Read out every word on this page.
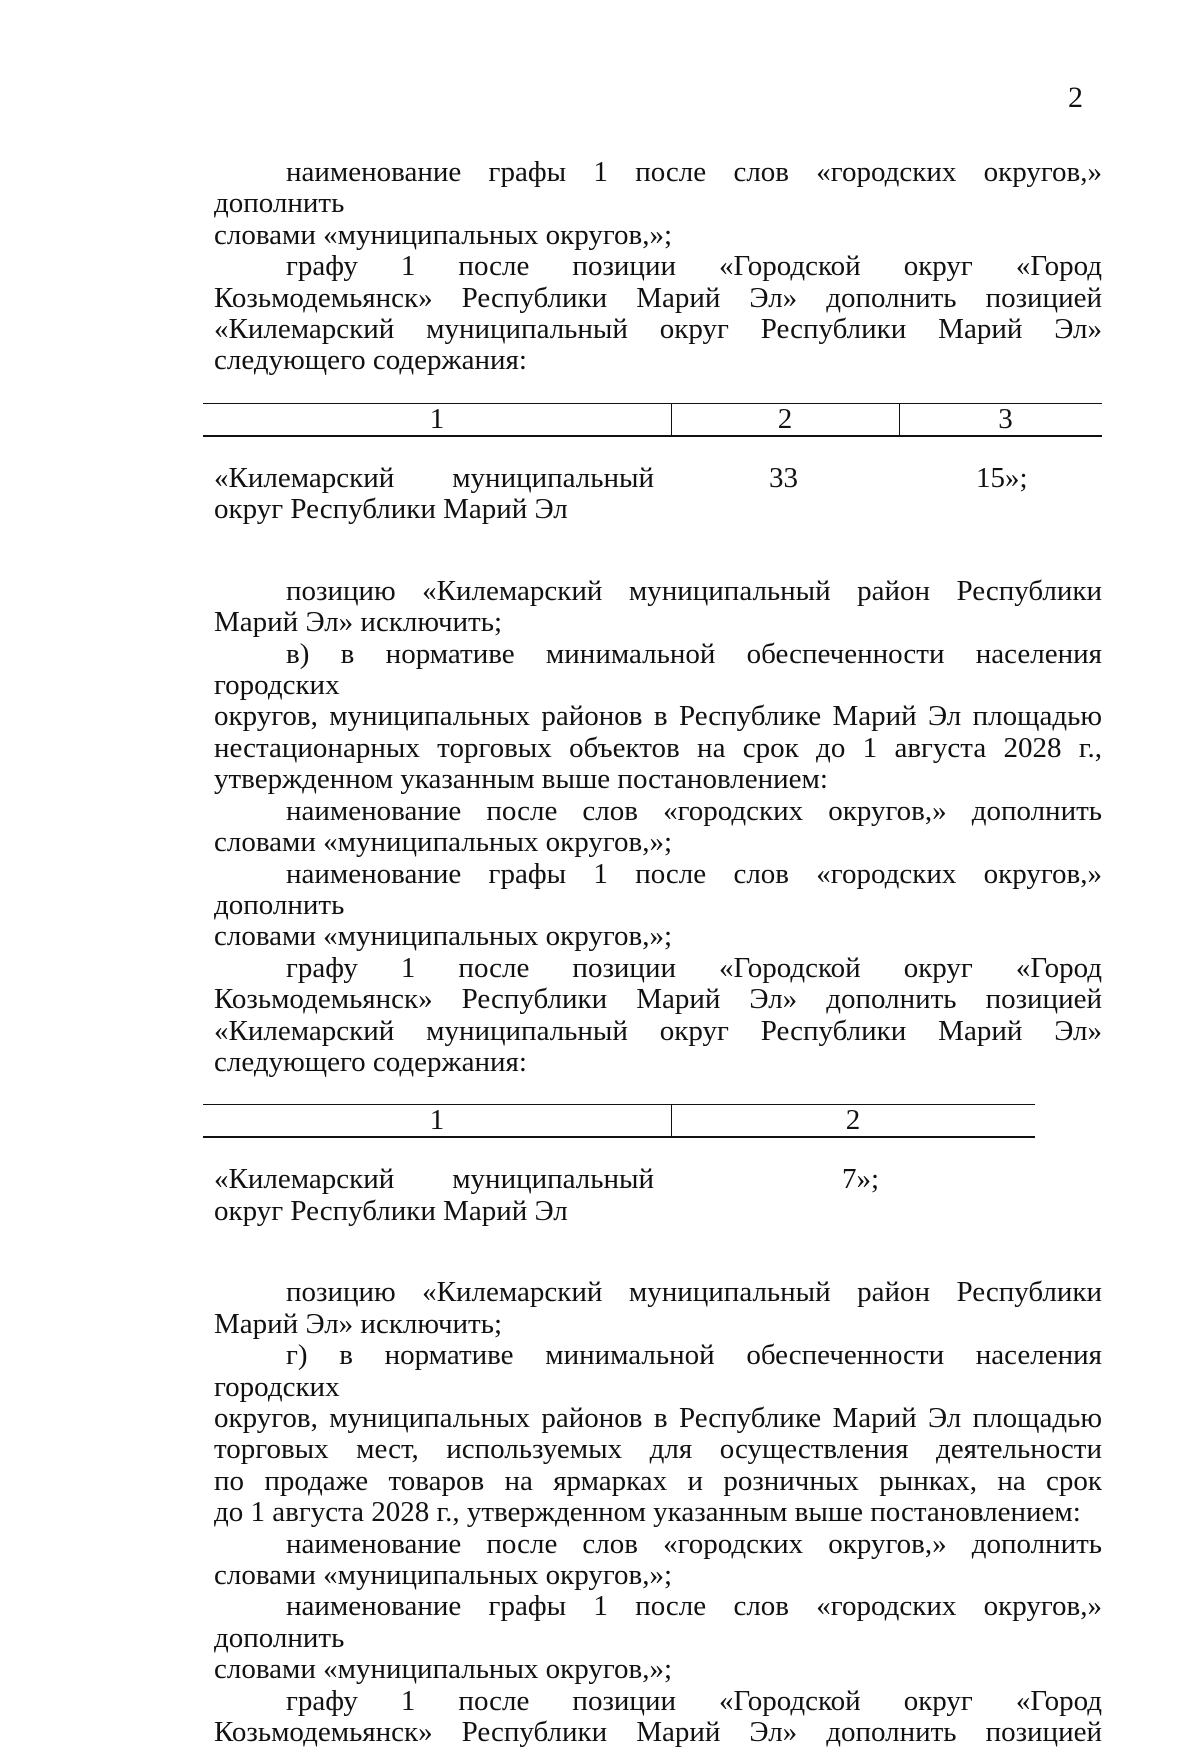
2
наименование графы 1 после слов «городских округов,» дополнить
словами «муниципальных округов,»;
графу 1 после позиции «Городской округ «Город
Козьмодемьянск» Республики Марий Эл» дополнить позицией
«Килемарский муниципальный округ Республики Марий Эл»
следующего содержания:
1	2	3
«Килемарский муниципальный
округ Республики Марий Эл
33	15»;
позицию «Килемарский муниципальный район Республики
Марий Эл» исключить;
в) в нормативе минимальной обеспеченности населения городских
округов, муниципальных районов в Республике Марий Эл площадью
нестационарных торговых объектов на срок до 1 августа 2028 г.,
утвержденном указанным выше постановлением:
наименование после слов «городских округов,» дополнить
словами «муниципальных округов,»;
наименование графы 1 после слов «городских округов,» дополнить
словами «муниципальных округов,»;
графу 1 после позиции «Городской округ «Город
Козьмодемьянск» Республики Марий Эл» дополнить позицией
«Килемарский муниципальный округ Республики Марий Эл»
следующего содержания:
1	2
«Килемарский муниципальный
округ Республики Марий Эл
7»;
позицию «Килемарский муниципальный район Республики
Марий Эл» исключить;
г) в нормативе минимальной обеспеченности населения городских
округов, муниципальных районов в Республике Марий Эл площадью
торговых мест, используемых для осуществления деятельности
по продаже товаров на ярмарках и розничных рынках, на срок
до 1 августа 2028 г., утвержденном указанным выше постановлением:
наименование после слов «городских округов,» дополнить
словами «муниципальных округов,»;
наименование графы 1 после слов «городских округов,» дополнить
словами «муниципальных округов,»;
графу 1 после позиции «Городской округ «Город
Козьмодемьянск» Республики Марий Эл» дополнить позицией
